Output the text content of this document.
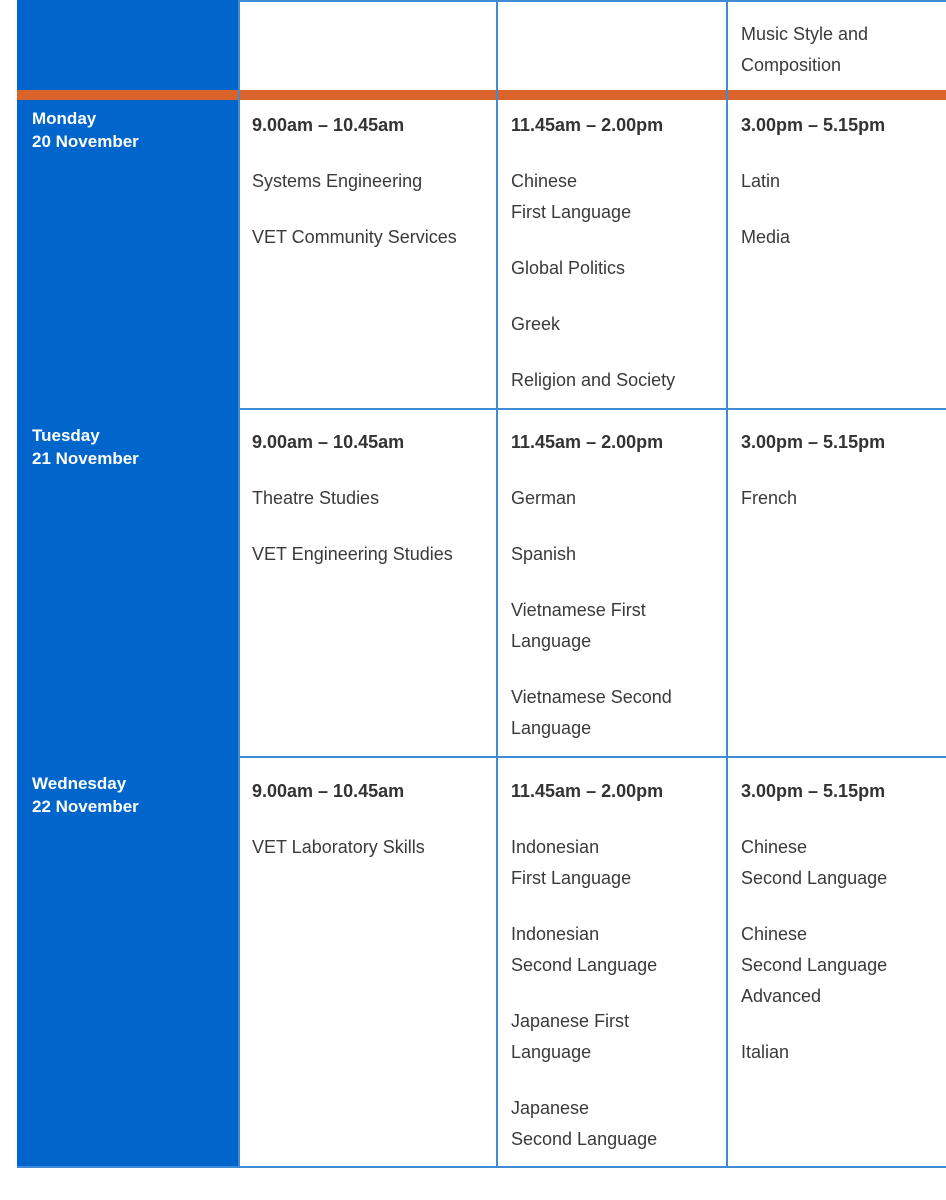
Music Style and
Composition
Monday
20 November
9.00am – 10.45am
Systems Engineering
VET Community Services
11.45am – 2.00pm
Chinese
First Language
Global Politics
Greek
Religion and Society
3.00pm – 5.15pm
Latin
Media
Tuesday
21 November
9.00am – 10.45am
Theatre Studies
VET Engineering Studies
11.45am – 2.00pm
German
Spanish
Vietnamese First
Language
Vietnamese Second
Language
3.00pm – 5.15pm
French
Wednesday
22 November
9.00am – 10.45am
VET Laboratory Skills
11.45am – 2.00pm
Indonesian
First Language
Indonesian
Second Language
Japanese First
Language
Japanese
Second Language
3.00pm – 5.15pm
Chinese
Second Language
Chinese
Second Language
Advanced
Italian
